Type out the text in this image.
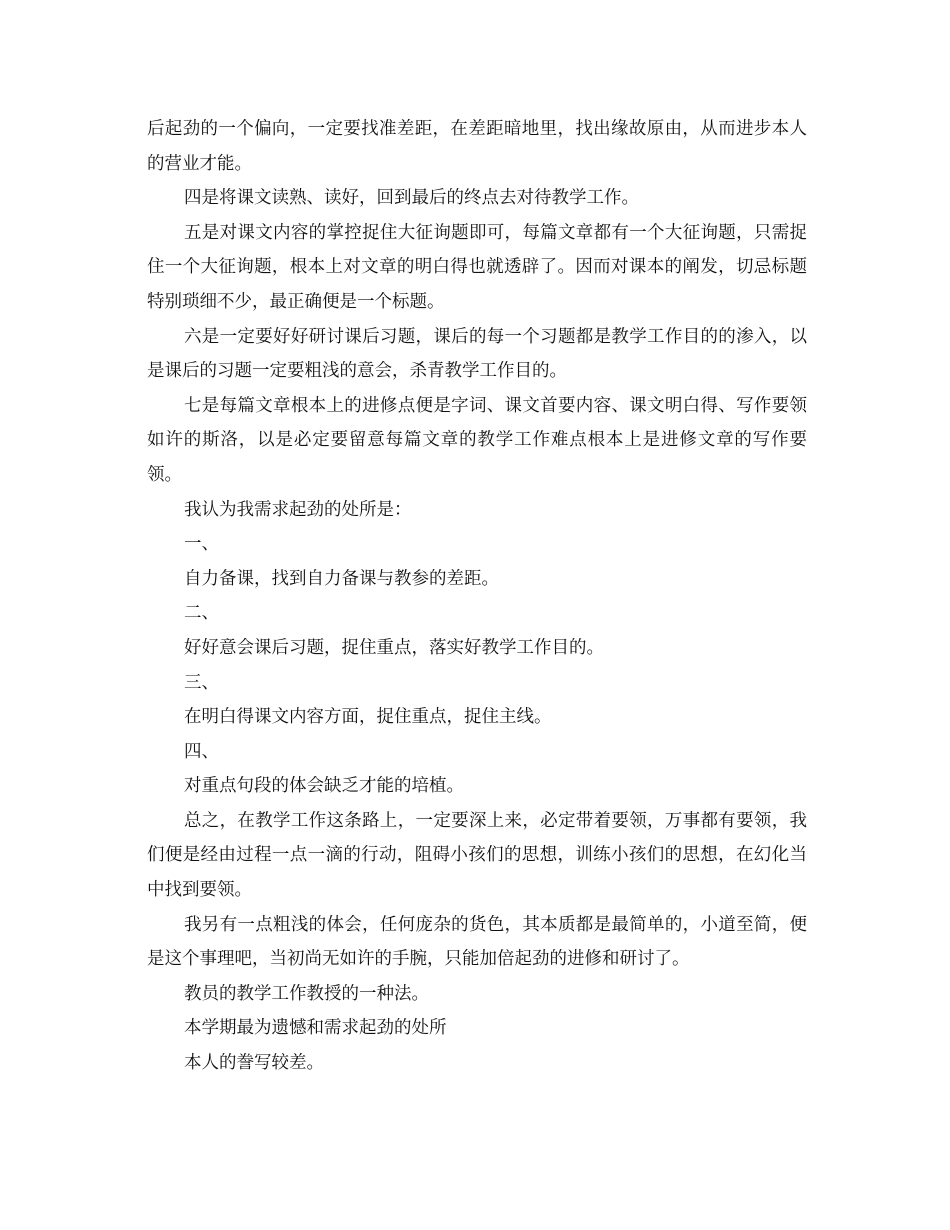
后起劲的一个偏向，一定要找准差距，在差距暗地里，找出缘故原由，从而进步本人的营业才能。

四是将课文读熟、读好，回到最后的终点去对待教学工作。

五是对课文内容的掌控捉住大征询题即可，每篇文章都有一个大征询题，只需捉住一个大征询题，根本上对文章的明白得也就透辟了。因而对课本的阐发，切忌标题特别琐细不少，最正确便是一个标题。

六是一定要好好研讨课后习题，课后的每一个习题都是教学工作目的的渗入，以是课后的习题一定要粗浅的意会，杀青教学工作目的。

七是每篇文章根本上的进修点便是字词、课文首要内容、课文明白得、写作要领如许的斯洛，以是必定要留意每篇文章的教学工作难点根本上是进修文章的写作要领。

我认为我需求起劲的处所是：

一、

自力备课，找到自力备课与教参的差距。

二、

好好意会课后习题，捉住重点，落实好教学工作目的。

三、

在明白得课文内容方面，捉住重点，捉住主线。

四、

对重点句段的体会缺乏才能的培植。

总之，在教学工作这条路上，一定要深上来，必定带着要领，万事都有要领，我们便是经由过程一点一滴的行动，阻碍小孩们的思想，训练小孩们的思想，在幻化当中找到要领。

我另有一点粗浅的体会，任何庞杂的货色，其本质都是最简单的，小道至简，便是这个事理吧，当初尚无如许的手腕，只能加倍起劲的进修和研讨了。

教员的教学工作教授的一种法。

本学期最为遗憾和需求起劲的处所

本人的誊写较差。
